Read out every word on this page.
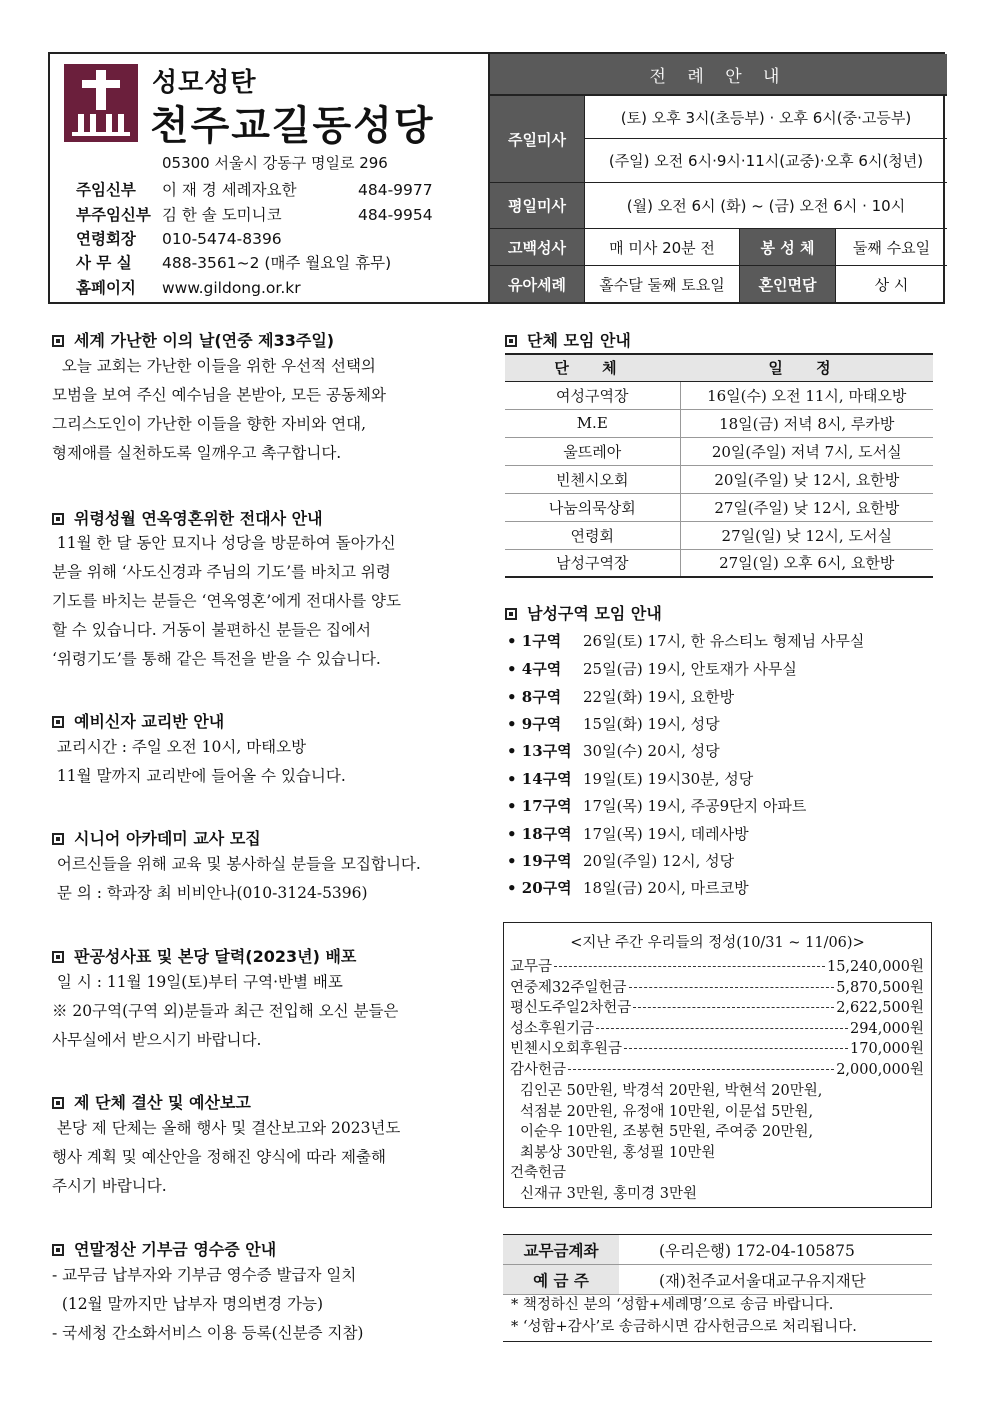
성모성탄
천주교길동성당
05300 서울시 강동구 명일로 296
주임신부 이 재 경 세례자요한	484-9977
부주임신부 김 한 솔 도미니코	484-9954
연령회장 010-5474-8396
사 무 실 488-3561~2 (매주 월요일 휴무)
홈페이지 www.gildong.or.kr
전 례 안 내
주일미사
(토) 오후 3시(초등부) · 오후 6시(중·고등부)
(주일) 오전 6시·9시·11시(교중)·오후 6시(청년)
평일미사	(월) 오전 6시 (화) ~ (금) 오전 6시 · 10시
고백성사	매 미사 20분 전	봉 성 체	둘째 수요일
유아세례	홀수달 둘째 토요일	혼인면담	상 시
세계 가난한 이의 날(연중 제33주일)
오늘 교회는 가난한 이들을 위한 우선적 선택의
모범을 보여 주신 예수님을 본받아, 모든 공동체와
그리스도인이 가난한 이들을 향한 자비와 연대,
형제애를 실천하도록 일깨우고 촉구합니다.
위령성월 연옥영혼위한 전대사 안내
11월 한 달 동안 묘지나 성당을 방문하여 돌아가신
분을 위해 ‘사도신경과 주님의 기도’를 바치고 위령
기도를 바치는 분들은 ‘연옥영혼’에게 전대사를 양도
할 수 있습니다. 거동이 불편하신 분들은 집에서
‘위령기도’를 통해 같은 특전을 받을 수 있습니다.
예비신자 교리반 안내
교리시간 : 주일 오전 10시, 마태오방
11월 말까지 교리반에 들어올 수 있습니다.
시니어 아카데미 교사 모집
어르신들을 위해 교육 및 봉사하실 분들을 모집합니다.
문 의 : 학과장 최 비비안나(010-3124-5396)
판공성사표 및 본당 달력(2023년) 배포
일 시 : 11월 19일(토)부터 구역·반별 배포
※ 20구역(구역 외)분들과 최근 전입해 오신 분들은
사무실에서 받으시기 바랍니다.
제 단체 결산 및 예산보고
본당 제 단체는 올해 행사 및 결산보고와 2023년도
행사 계획 및 예산안을 정해진 양식에 따라 제출해
주시기 바랍니다.
연말정산 기부금 영수증 안내
- 교무금 납부자와 기부금 영수증 발급자 일치
(12월 말까지만 납부자 명의변경 가능)
- 국세청 간소화서비스 이용 등록(신분증 지참)
단체 모임 안내
단 체	일 정
여성구역장	16일(수) 오전 11시, 마태오방
M.E	18일(금) 저녁 8시, 루카방
울뜨레아	20일(주일) 저녁 7시, 도서실
빈첸시오회	20일(주일) 낮 12시, 요한방
나눔의묵상회	27일(주일) 낮 12시, 요한방
연령회	27일(일) 낮 12시, 도서실
남성구역장	27일(일) 오후 6시, 요한방
남성구역 모임 안내
• 1구역 26일(토) 17시, 한 유스티노 형제님 사무실
• 4구역 25일(금) 19시, 안토재가 사무실
• 8구역 22일(화) 19시, 요한방
• 9구역 15일(화) 19시, 성당
• 13구역 30일(수) 20시, 성당
• 14구역 19일(토) 19시30분, 성당
• 17구역 17일(목) 19시, 주공9단지 아파트
• 18구역 17일(목) 19시, 데레사방
• 19구역 20일(주일) 12시, 성당
• 20구역 18일(금) 20시, 마르코방
<지난 주간 우리들의 정성(10/31 ~ 11/06)>
교무금	15,240,000원
연중제32주일헌금	5,870,500원
평신도주일2차헌금	2,622,500원
성소후원기금	294,000원
빈첸시오회후원금	170,000원
감사헌금	2,000,000원
김인곤 50만원, 박경석 20만원, 박현석 20만원,
석점분 20만원, 유정애 10만원, 이문섭 5만원,
이순우 10만원, 조봉현 5만원, 주여중 20만원,
최봉상 30만원, 홍성필 10만원
건축헌금
신재규 3만원, 홍미경 3만원
교무금계좌	(우리은행) 172-04-105875
예 금 주	(재)천주교서울대교구유지재단
* 책정하신 분의 ‘성함+세례명’으로 송금 바랍니다.
* ‘성함+감사’로 송금하시면 감사헌금으로 처리됩니다.
